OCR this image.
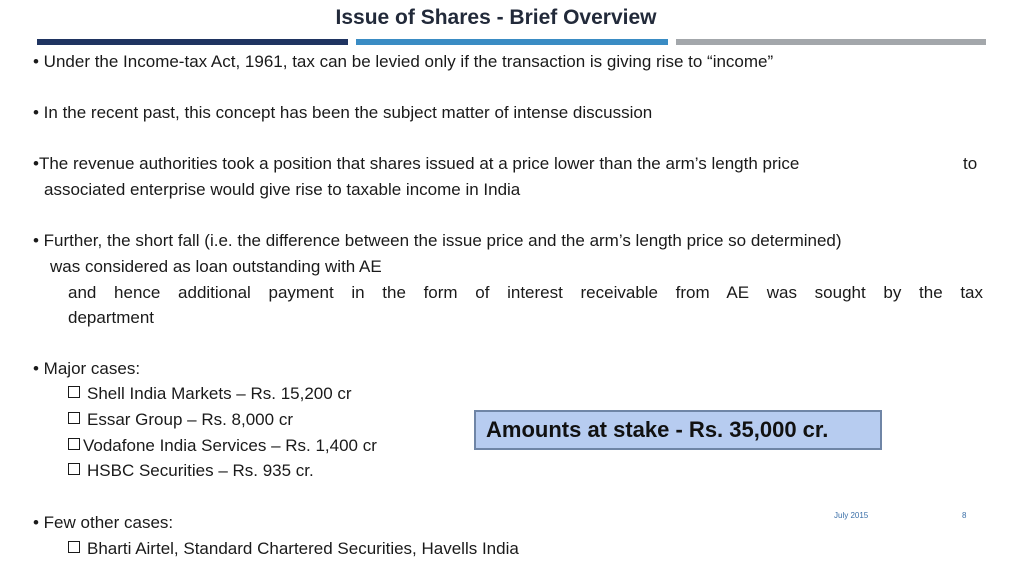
Issue of Shares - Brief Overview
• Under the Income-tax Act, 1961, tax can be levied only if the transaction is giving rise to “income”
• In the recent past, this concept has been the subject matter of intense discussion
•The revenue authorities took a position that shares issued at a price lower than the arm’s length price	to
associated enterprise would give rise to taxable income in India
• Further, the short fall (i.e. the difference between the issue price and the arm’s length price so determined)
was considered as loan outstanding with AE
and hence additional payment in the form of interest receivable from AE was sought by the tax
department
• Major cases:
Shell India Markets – Rs. 15,200 cr
Essar Group – Rs. 8,000 cr
Vodafone India Services – Rs. 1,400 cr
HSBC Securities – Rs. 935 cr.
Amounts at stake - Rs. 35,000 cr.
July 2015	8
• Few other cases:
Bharti Airtel, Standard Chartered Securities, Havells India
